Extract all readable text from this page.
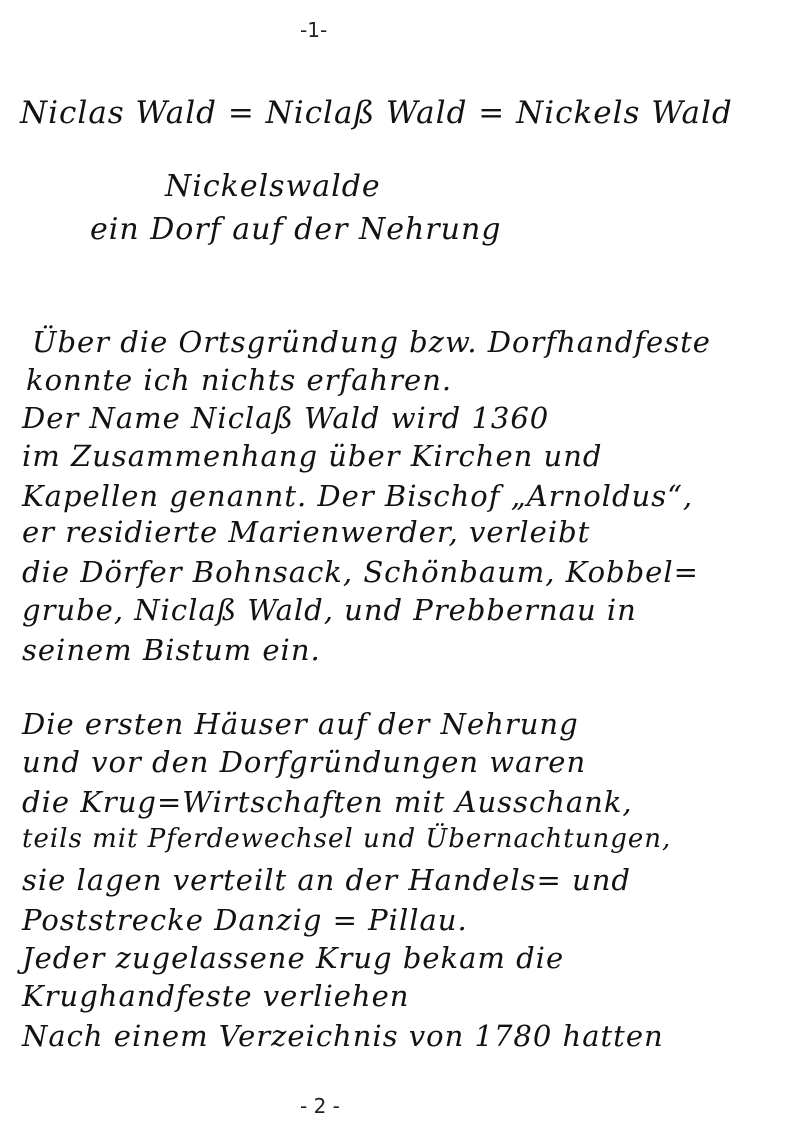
-1-
Niclas Wald = Niclaß Wald = Nickels Wald
Nickelswalde
ein Dorf auf der Nehrung
Über die Ortsgründung bzw. Dorfhandfeste
konnte ich nichts erfahren.
Der Name Niclaß Wald wird 1360
im Zusammenhang über Kirchen und
Kapellen genannt. Der Bischof „Arnoldus“,
er residierte Marienwerder, verleibt
die Dörfer Bohnsack, Schönbaum, Kobbel=
grube, Niclaß Wald, und Prebbernau in
seinem Bistum ein.
Die ersten Häuser auf der Nehrung
und vor den Dorfgründungen waren
die Krug=Wirtschaften mit Ausschank,
teils mit Pferdewechsel und Übernachtungen,
sie lagen verteilt an der Handels= und
Poststrecke Danzig = Pillau.
Jeder zugelassene Krug bekam die
Krughandfeste verliehen
Nach einem Verzeichnis von 1780 hatten
- 2 -
